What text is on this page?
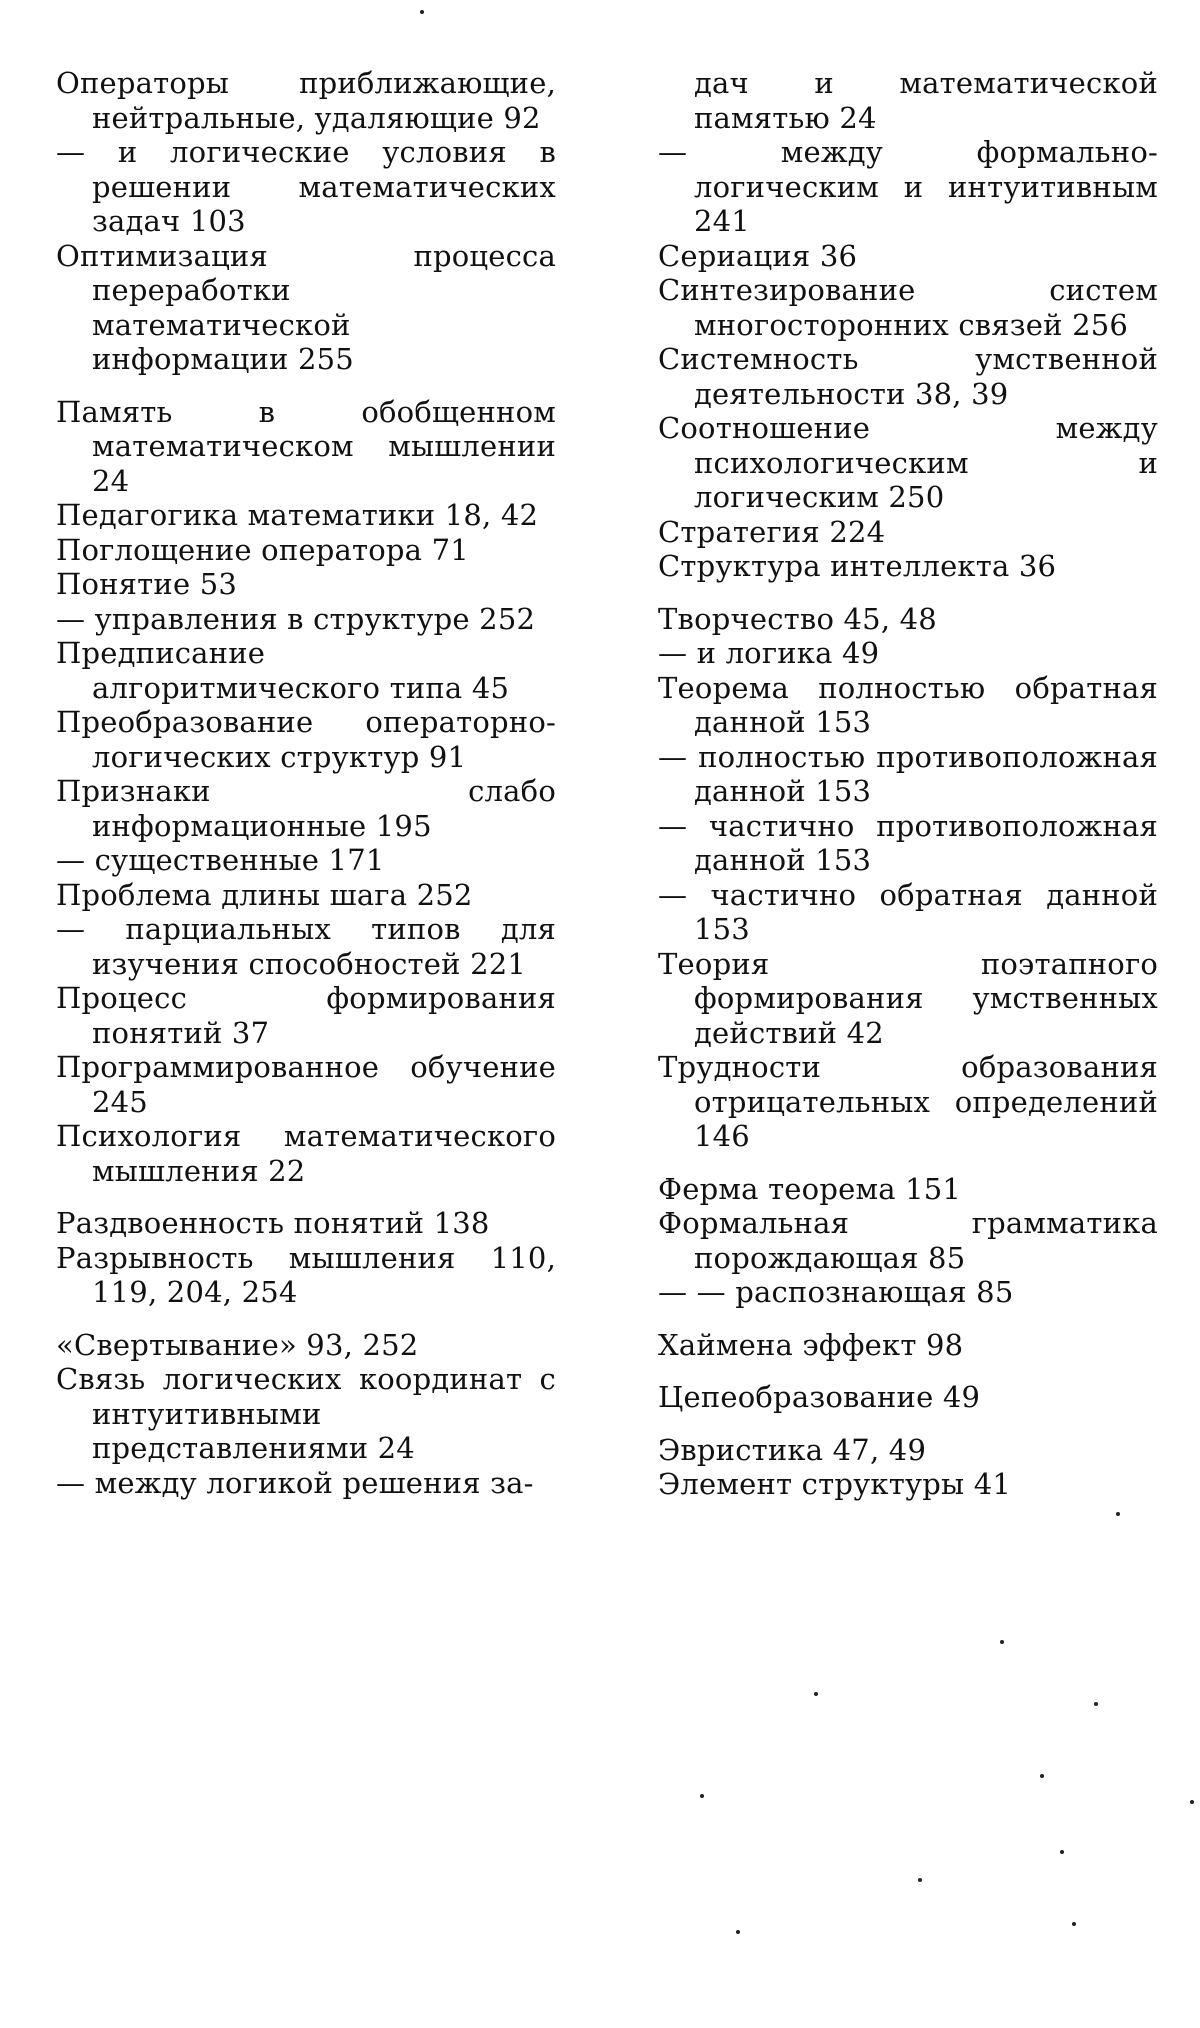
Операторы приближающие, нейтральные, удаляющие 92

— и логические условия в решении математических задач 103

Оптимизация процесса переработки математической информации 255

Память в обобщенном математическом мышлении 24

Педагогика математики 18, 42

Поглощение оператора 71

Понятие 53

— управления в структуре 252

Предписание алгоритмического типа 45

Преобразование операторно-логических структур 91

Признаки слабо информационные 195

— существенные 171

Проблема длины шага 252

— парциальных типов для изучения способностей 221

Процесс формирования понятий 37

Программированное обучение 245

Психология математического мышления 22

Раздвоенность понятий 138

Разрывность мышления 110, 119, 204, 254

«Свертывание» 93, 252

Связь логических координат с интуитивными представлениями 24

— между логикой решения за-

дач и математической памятью 24

— между формально-логическим и интуитивным 241

Сериация 36

Синтезирование систем многосторонних связей 256

Системность умственной деятельности 38, 39

Соотношение между психологическим и логическим 250

Стратегия 224

Структура интеллекта 36

Творчество 45, 48

— и логика 49

Теорема полностью обратная данной 153

— полностью противоположная данной 153

— частично противоположная данной 153

— частично обратная данной 153

Теория поэтапного формирования умственных действий 42

Трудности образования отрицательных определений 146

Ферма теорема 151

Формальная грамматика порождающая 85

— — распознающая 85

Хаймена эффект 98

Цепеобразование 49

Эвристика 47, 49

Элемент структуры 41
